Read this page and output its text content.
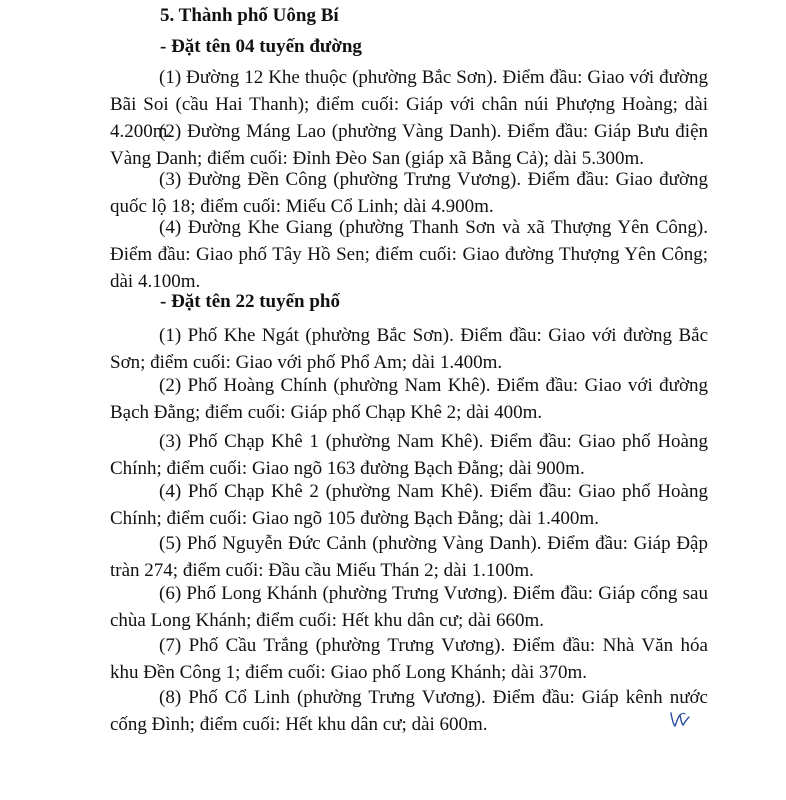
5. Thành phố Uông Bí
- Đặt tên 04 tuyến đường
(1) Đường 12 Khe thuộc (phường Bắc Sơn). Điểm đầu: Giao với đường Bãi Soi (cầu Hai Thanh); điểm cuối: Giáp với chân núi Phượng Hoàng; dài 4.200m.
(2) Đường Máng Lao (phường Vàng Danh). Điểm đầu: Giáp Bưu điện Vàng Danh; điểm cuối: Đỉnh Đèo San (giáp xã Bằng Cả); dài 5.300m.
(3) Đường Đền Công (phường Trưng Vương). Điểm đầu: Giao đường quốc lộ 18; điểm cuối: Miếu Cổ Linh; dài 4.900m.
(4) Đường Khe Giang (phường Thanh Sơn và xã Thượng Yên Công). Điểm đầu: Giao phố Tây Hồ Sen; điểm cuối: Giao đường Thượng Yên Công; dài 4.100m.
- Đặt tên 22 tuyến phố
(1) Phố Khe Ngát (phường Bắc Sơn). Điểm đầu: Giao với đường Bắc Sơn; điểm cuối: Giao với phố Phổ Am; dài 1.400m.
(2) Phố Hoàng Chính (phường Nam Khê). Điểm đầu: Giao với đường Bạch Đằng; điểm cuối: Giáp phố Chạp Khê 2; dài 400m.
(3) Phố Chạp Khê 1 (phường Nam Khê). Điểm đầu: Giao phố Hoàng Chính; điểm cuối: Giao ngõ 163 đường Bạch Đằng; dài 900m.
(4) Phố Chạp Khê 2 (phường Nam Khê). Điểm đầu: Giao phố Hoàng Chính; điểm cuối: Giao ngõ 105 đường Bạch Đằng; dài 1.400m.
(5) Phố Nguyễn Đức Cảnh (phường Vàng Danh). Điểm đầu: Giáp Đập tràn 274; điểm cuối: Đầu cầu Miếu Thán 2; dài 1.100m.
(6) Phố Long Khánh (phường Trưng Vương). Điểm đầu: Giáp cổng sau chùa Long Khánh; điểm cuối: Hết khu dân cư; dài 660m.
(7) Phố Cầu Trắng (phường Trưng Vương). Điểm đầu: Nhà Văn hóa khu Đền Công 1; điểm cuối: Giao phố Long Khánh; dài 370m.
(8) Phố Cổ Linh (phường Trưng Vương). Điểm đầu: Giáp kênh nước cống Đình; điểm cuối: Hết khu dân cư; dài 600m.
